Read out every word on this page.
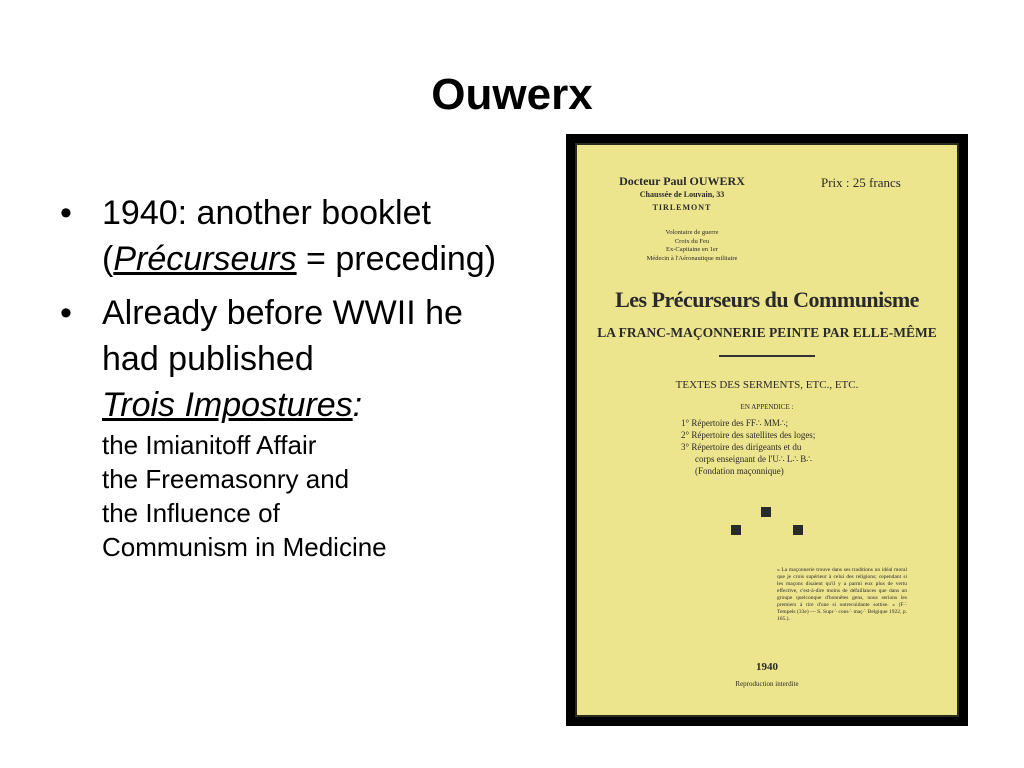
Ouwerx
• 1940: another booklet (Précurseurs = preceding)
• Already before WWII he had published
Trois Impostures:
the Imianitoff Affair
the Freemasonry and
the Influence of
Communism in Medicine
Docteur Paul OUWERX
Chaussée de Louvain, 33
TIRLEMONT
Volontaire de guerre
Croix du Feu
Ex-Capitaine en 1er
Médecin à l'Aéronautique militaire
Prix : 25 francs
Les Précurseurs du Communisme
LA FRANC-MAÇONNERIE PEINTE PAR ELLE-MÊME
TEXTES DES SERMENTS, ETC., ETC.
EN APPENDICE :
1° Répertoire des FF∴ MM∴;
2° Répertoire des satellites des loges;
3° Répertoire des dirigeants et du
corps enseignant de l'U∴ L∴ B∴
(Fondation maçonnique)
« La maçonnerie trouve dans ses traditions un idéal moral que je crois supérieur à celui des religions; cependant si les maçons disaient qu'il y a parmi eux plus de vertu effective, c'est-à-dire moins de défaillances que dans un groupe quelconque d'honnêtes gens, nous serions les premiers à rire d'une si outrecuidante sottise. » (F∴ Tempels (33e) — S. Supr∴ cons∴ maç∴ Belgique 1922, p. 105.).
1940
Reproduction interdite
